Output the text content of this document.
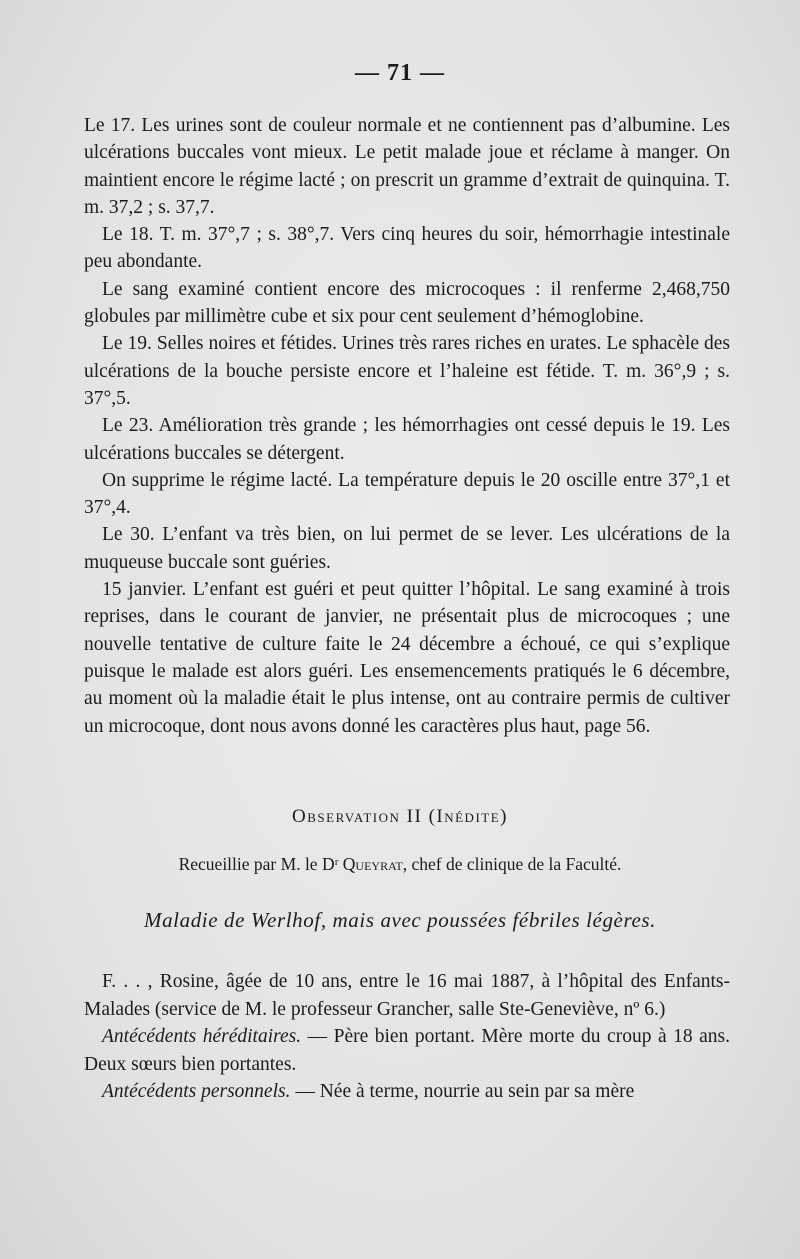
— 71 —

Le 17. Les urines sont de couleur normale et ne contiennent pas d’albumine. Les ulcérations buccales vont mieux. Le petit malade joue et réclame à manger. On maintient encore le régime lacté ; on prescrit un gramme d’extrait de quinquina. T. m. 37,2 ; s. 37,7.

Le 18. T. m. 37°,7 ; s. 38°,7. Vers cinq heures du soir, hémorrhagie intestinale peu abondante.

Le sang examiné contient encore des microcoques : il renferme 2,468,750 globules par millimètre cube et six pour cent seulement d’hémoglobine.

Le 19. Selles noires et fétides. Urines très rares riches en urates. Le sphacèle des ulcérations de la bouche persiste encore et l’haleine est fétide. T. m. 36°,9 ; s. 37°,5.

Le 23. Amélioration très grande ; les hémorrhagies ont cessé depuis le 19. Les ulcérations buccales se détergent.

On supprime le régime lacté. La température depuis le 20 oscille entre 37°,1 et 37°,4.

Le 30. L’enfant va très bien, on lui permet de se lever. Les ulcérations de la muqueuse buccale sont guéries.

15 janvier. L’enfant est guéri et peut quitter l’hôpital. Le sang examiné à trois reprises, dans le courant de janvier, ne présentait plus de microcoques ; une nouvelle tentative de culture faite le 24 décembre a échoué, ce qui s’explique puisque le malade est alors guéri. Les ensemencements pratiqués le 6 décembre, au moment où la maladie était le plus intense, ont au contraire permis de cultiver un microcoque, dont nous avons donné les caractères plus haut, page 56.

Observation II (Inédite)
Recueillie par M. le Dʳ Queyrat, chef de clinique de la Faculté.
Maladie de Werlhof, mais avec poussées fébriles légères.

F. . . , Rosine, âgée de 10 ans, entre le 16 mai 1887, à l’hôpital des Enfants-Malades (service de M. le professeur Grancher, salle Ste-Geneviève, nº 6.)

Antécédents héréditaires. — Père bien portant. Mère morte du croup à 18 ans. Deux sœurs bien portantes.

Antécédents personnels. — Née à terme, nourrie au sein par sa mère
